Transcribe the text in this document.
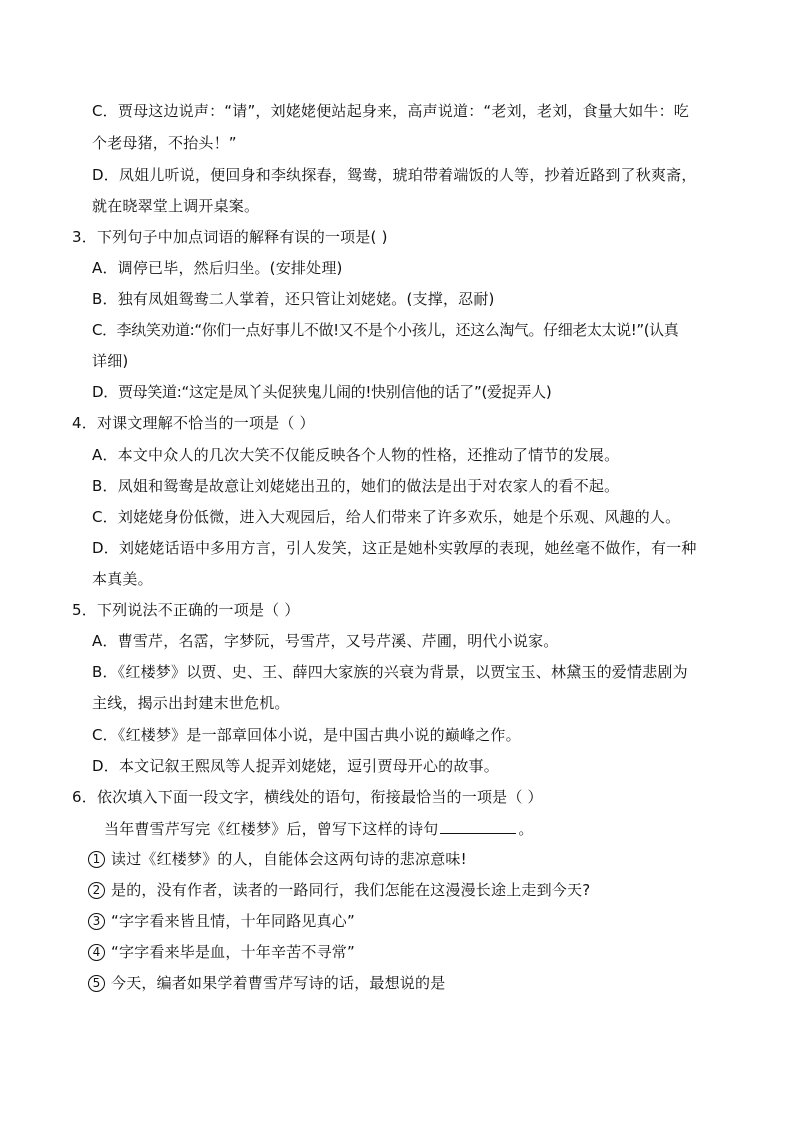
C．贾母这边说声：“请”，刘姥姥便站起身来，高声说道：“老刘，老刘，食量大如牛：吃
个老母猪，不抬头！”
D．凤姐儿听说，便回身和李纨探春，鸳鸯，琥珀带着端饭的人等，抄着近路到了秋爽斋，
就在晓翠堂上调开桌案。
3．下列句子中加点词语的解释有误的一项是( )
A．调停已毕，然后归坐。(安排处理)
B．独有凤姐鸳鸯二人掌着，还只管让刘姥姥。(支撑，忍耐)
C．李纨笑劝道:“你们一点好事儿不做!又不是个小孩儿，还这么淘气。仔细老太太说!”(认真
详细)
D．贾母笑道:“这定是凤丫头促狭鬼儿闹的!快别信他的话了”(爱捉弄人)
4．对课文理解不恰当的一项是（ ）
A．本文中众人的几次大笑不仅能反映各个人物的性格，还推动了情节的发展。
B．凤姐和鸳鸯是故意让刘姥姥出丑的，她们的做法是出于对农家人的看不起。
C．刘姥姥身份低微，进入大观园后，给人们带来了许多欢乐，她是个乐观、风趣的人。
D．刘姥姥话语中多用方言，引人发笑，这正是她朴实敦厚的表现，她丝毫不做作，有一种
本真美。
5．下列说法不正确的一项是（ ）
A．曹雪芹，名霑，字梦阮，号雪芹，又号芹溪、芹圃，明代小说家。
B．《红楼梦》以贾、史、王、薛四大家族的兴衰为背景，以贾宝玉、林黛玉的爱情悲剧为
主线，揭示出封建末世危机。
C．《红楼梦》是一部章回体小说，是中国古典小说的巅峰之作。
D．本文记叙王熙凤等人捉弄刘姥姥，逗引贾母开心的故事。
6．依次填入下面一段文字，横线处的语句，衔接最恰当的一项是（ ）
当年曹雪芹写完《红楼梦》后，曾写下这样的诗句	。
1 读过《红楼梦》的人，自能体会这两句诗的悲凉意味!
2 是的，没有作者，读者的一路同行，我们怎能在这漫漫长途上走到今天?
3 “字字看来皆且情，十年同路见真心”
4 “字字看来毕是血，十年辛苦不寻常”
5 今天，编者如果学着曹雪芹写诗的话，最想说的是
